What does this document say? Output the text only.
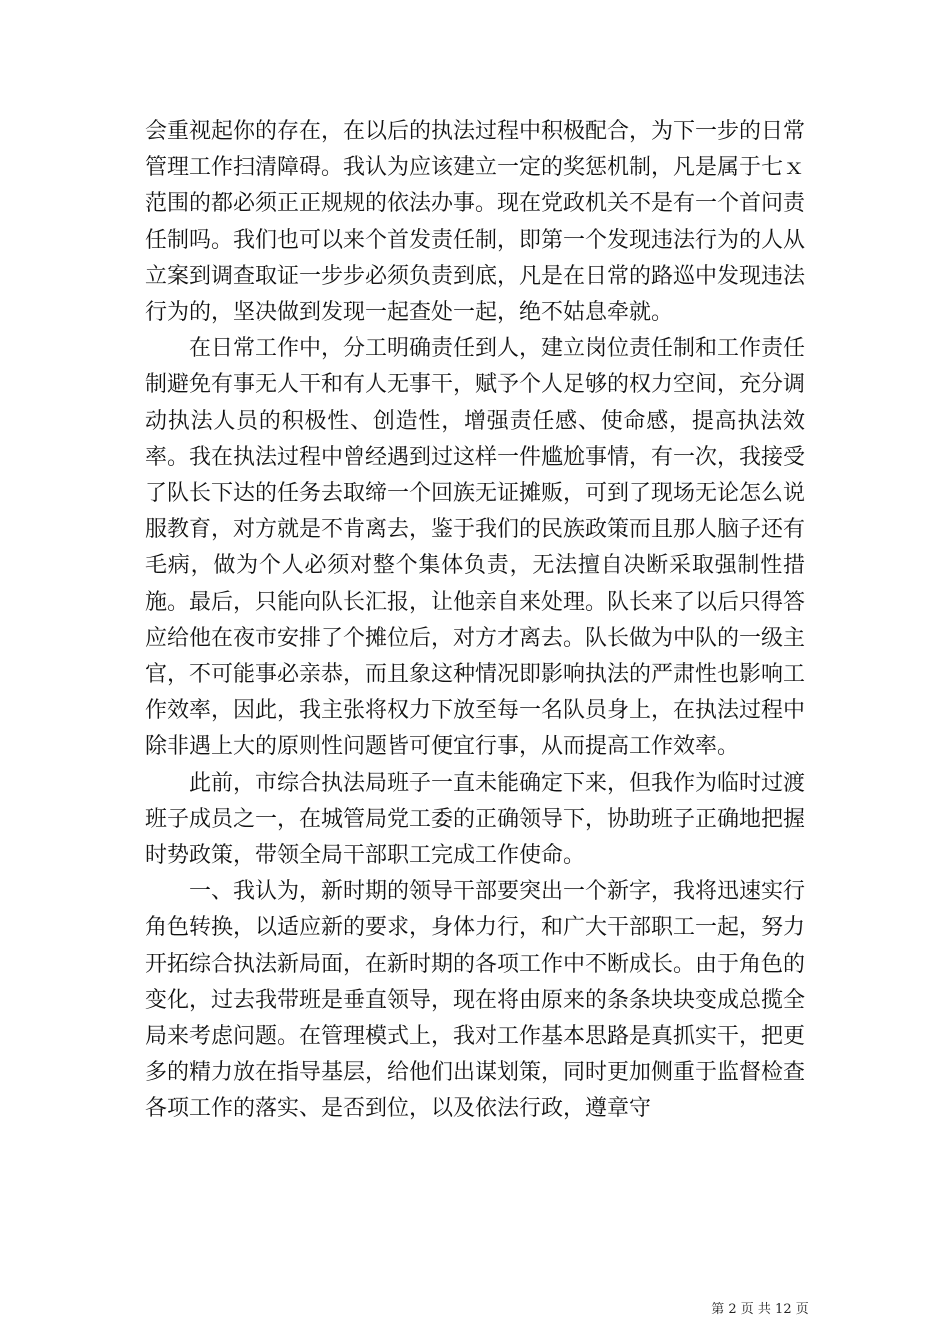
会重视起你的存在，在以后的执法过程中积极配合，为下一步的日常管理工作扫清障碍。我认为应该建立一定的奖惩机制，凡是属于七ｘ范围的都必须正正规规的依法办事。现在党政机关不是有一个首问责任制吗。我们也可以来个首发责任制，即第一个发现违法行为的人从立案到调查取证一步步必须负责到底，凡是在日常的路巡中发现违法行为的，坚决做到发现一起查处一起，绝不姑息牵就。

在日常工作中，分工明确责任到人，建立岗位责任制和工作责任制避免有事无人干和有人无事干，赋予个人足够的权力空间，充分调动执法人员的积极性、创造性，增强责任感、使命感，提高执法效率。我在执法过程中曾经遇到过这样一件尴尬事情，有一次，我接受了队长下达的任务去取缔一个回族无证摊贩，可到了现场无论怎么说服教育，对方就是不肯离去，鉴于我们的民族政策而且那人脑子还有毛病，做为个人必须对整个集体负责，无法擅自决断采取强制性措施。最后，只能向队长汇报，让他亲自来处理。队长来了以后只得答应给他在夜市安排了个摊位后，对方才离去。队长做为中队的一级主官，不可能事必亲恭，而且象这种情况即影响执法的严肃性也影响工作效率，因此，我主张将权力下放至每一名队员身上，在执法过程中除非遇上大的原则性问题皆可便宜行事，从而提高工作效率。

此前，市综合执法局班子一直未能确定下来，但我作为临时过渡班子成员之一，在城管局党工委的正确领导下，协助班子正确地把握时势政策，带领全局干部职工完成工作使命。

一、我认为，新时期的领导干部要突出一个新字，我将迅速实行角色转换，以适应新的要求，身体力行，和广大干部职工一起，努力开拓综合执法新局面，在新时期的各项工作中不断成长。由于角色的变化，过去我带班是垂直领导，现在将由原来的条条块块变成总揽全局来考虑问题。在管理模式上，我对工作基本思路是真抓实干，把更多的精力放在指导基层，给他们出谋划策，同时更加侧重于监督检查各项工作的落实、是否到位，以及依法行政，遵章守

第 2 页 共 12 页
